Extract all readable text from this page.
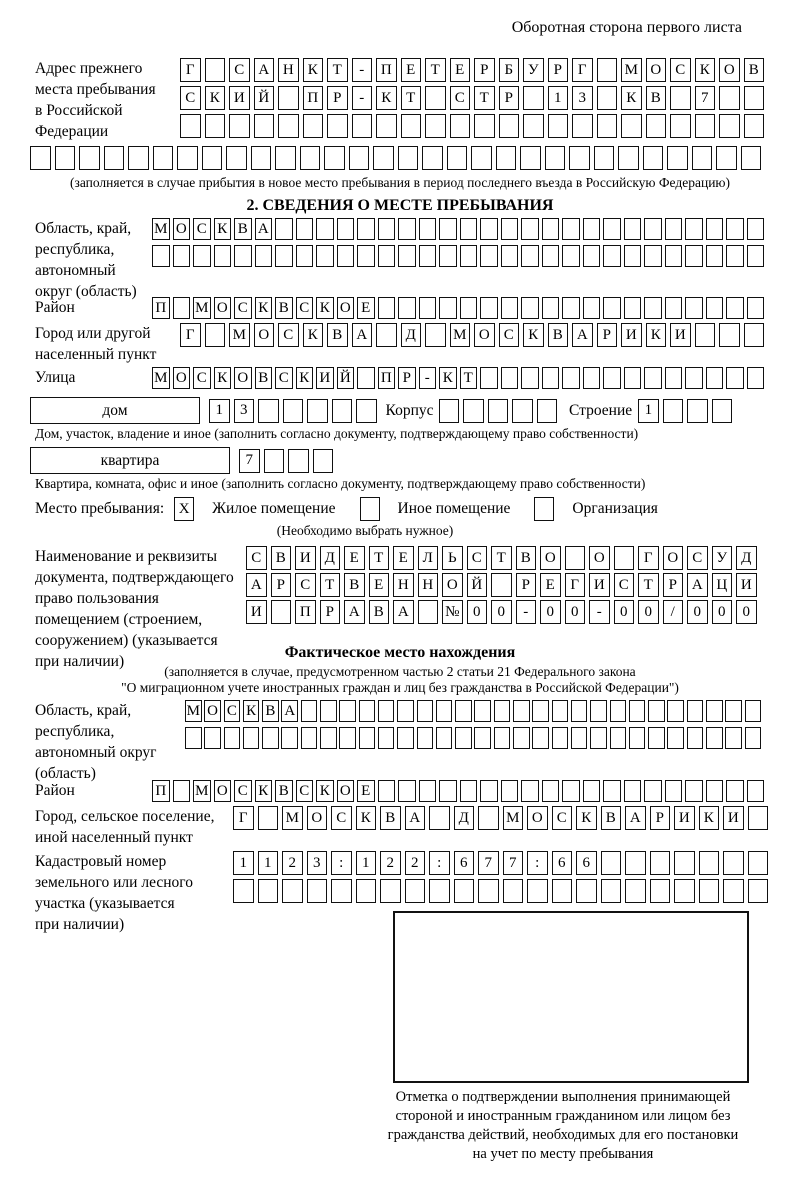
Оборотная сторона первого листа
Адрес прежнего
места пребывания
в Российской
Федерации
Г	С А Н К Т	-	П Е	Т	Е	Р	Б У	Р	Г	М О С К О В
С К И Й	П Р	-	К Т	С Т	Р	1	3	К В	7
(заполняется в случае прибытия в новое место пребывания в период последнего въезда в Российскую Федерацию)
2. СВЕДЕНИЯ О МЕСТЕ ПРЕБЫВАНИЯ
Область, край,
республика,
автономный
округ (область)
М О С К В А
Район	П М О С К В С К О Е
Город или другой
населенный пункт
Г	М О С К В А	Д	М О С К В А Р И К И
Улица	М О С К О В С К И Й П Р - К Т
дом	1	3	Корпус	Строение 1
Дом, участок, владение и иное (заполнить согласно документу, подтверждающему право собственности)
квартира	7
Квартира, комната, офис и иное (заполнить согласно документу, подтверждающему право собственности)
Место пребывания: X Жилое помещение	Иное помещение	Организация
(Необходимо выбрать нужное)
Наименование и реквизиты
документа, подтверждающего
право пользования
помещением (строением,
сооружением) (указывается
при наличии)
С В И Д Е	Т	Е Л	Ь	С Т В О	О	Г О С У Д
А Р	С Т В Е Н Н О Й	Р	Е	Г И С Т	Р А Ц И
И	П Р А В А	№ 0	0	-	0	0	-	0	0	/	0	0	0
Фактическое место нахождения
(заполняется в случае, предусмотренном частью 2 статьи 21 Федерального закона
"О миграционном учете иностранных граждан и лиц без гражданства в Российской Федерации")
Область, край,
республика,
автономный округ
(область)
М О С К В А
Район	П М О С К В С К О Е
Город, сельское поселение,
иной населенный пункт
Г	М О С К В А	Д	М О С К В А Р И К И
Кадастровый номер
земельного или лесного
участка (указывается
при наличии)
1	1	2	3	:	1	2	2	:	6	7	7	:	6	6
Отметка о подтверждении выполнения принимающей
стороной и иностранным гражданином или лицом без
гражданства действий, необходимых для его постановки
на учет по месту пребывания
